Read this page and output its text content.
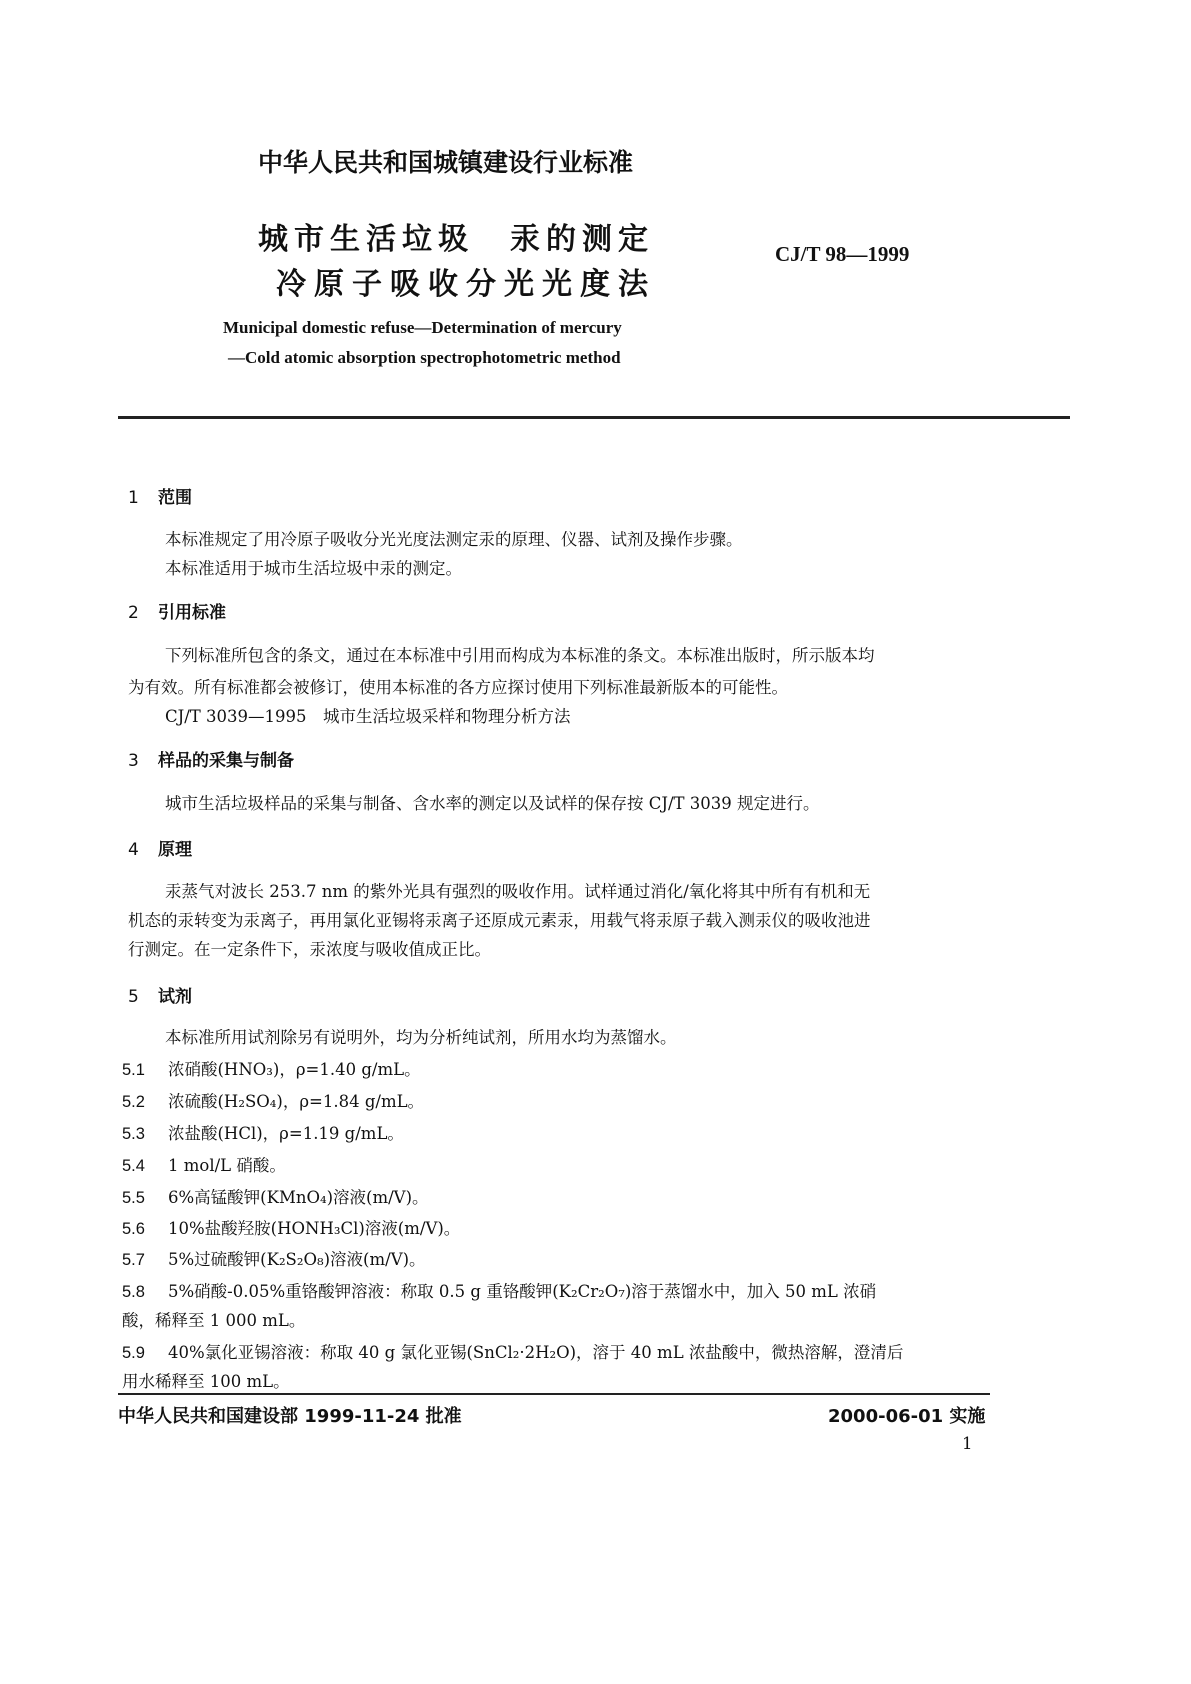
中华人民共和国城镇建设行业标准
城市生活垃圾　汞的测定
冷原子吸收分光光度法
CJ/T 98—1999
Municipal domestic refuse—Determination of mercury
—Cold atomic absorption spectrophotometric method
1 范围
本标准规定了用冷原子吸收分光光度法测定汞的原理、仪器、试剂及操作步骤。
本标准适用于城市生活垃圾中汞的测定。
2 引用标准
下列标准所包含的条文，通过在本标准中引用而构成为本标准的条文。本标准出版时，所示版本均
为有效。所有标准都会被修订，使用本标准的各方应探讨使用下列标准最新版本的可能性。
CJ/T 3039—1995　城市生活垃圾采样和物理分析方法
3 样品的采集与制备
城市生活垃圾样品的采集与制备、含水率的测定以及试样的保存按 CJ/T 3039 规定进行。
4 原理
汞蒸气对波长 253.7 nm 的紫外光具有强烈的吸收作用。试样通过消化/氧化将其中所有有机和无
机态的汞转变为汞离子，再用氯化亚锡将汞离子还原成元素汞，用载气将汞原子载入测汞仪的吸收池进
行测定。在一定条件下，汞浓度与吸收值成正比。
5 试剂
本标准所用试剂除另有说明外，均为分析纯试剂，所用水均为蒸馏水。
5.1 浓硝酸(HNO₃)，ρ=1.40 g/mL。
5.2 浓硫酸(H₂SO₄)，ρ=1.84 g/mL。
5.3 浓盐酸(HCl)，ρ=1.19 g/mL。
5.4 1 mol/L 硝酸。
5.5 6%高锰酸钾(KMnO₄)溶液(m/V)。
5.6 10%盐酸羟胺(HONH₃Cl)溶液(m/V)。
5.7 5%过硫酸钾(K₂S₂O₈)溶液(m/V)。
5.8 5%硝酸-0.05%重铬酸钾溶液：称取 0.5 g 重铬酸钾(K₂Cr₂O₇)溶于蒸馏水中，加入 50 mL 浓硝
酸，稀释至 1 000 mL。
5.9 40%氯化亚锡溶液：称取 40 g 氯化亚锡(SnCl₂·2H₂O)，溶于 40 mL 浓盐酸中，微热溶解，澄清后
用水稀释至 100 mL。
中华人民共和国建设部 1999-11-24 批准	2000-06-01 实施
1
